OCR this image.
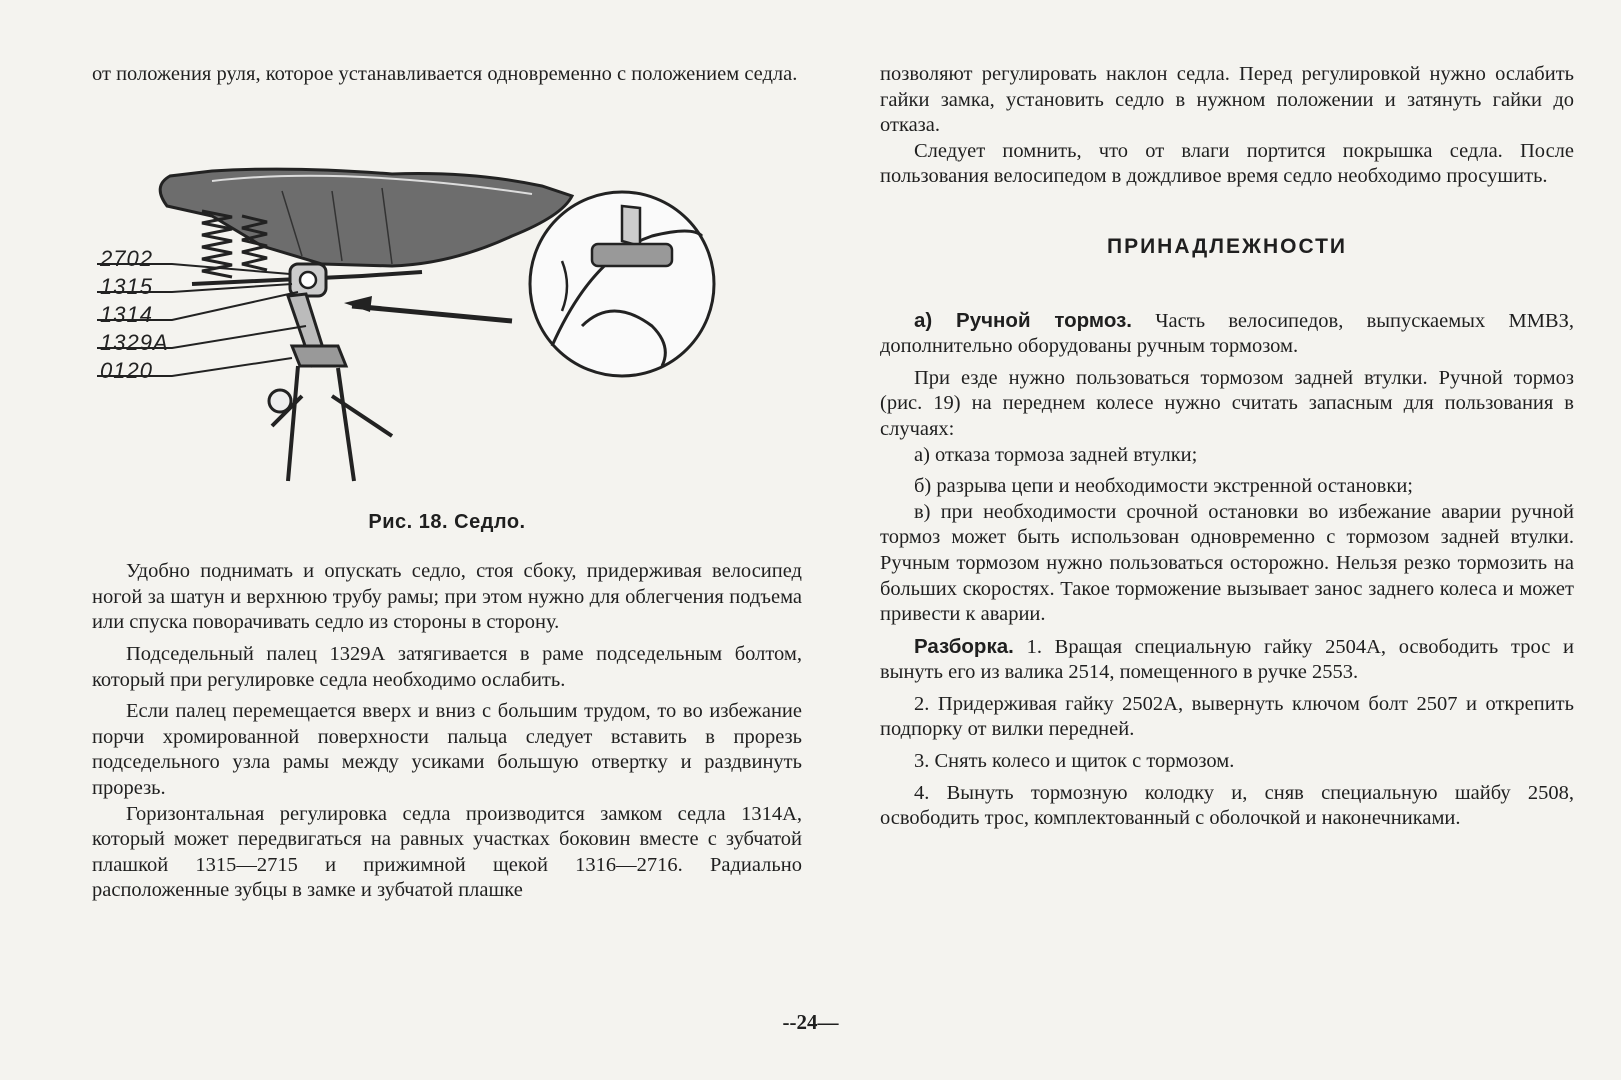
от положения руля, которое устанавливается одновременно с положением седла.

2702
1315
1314
1329А
0120
Рис. 18. Седло.

Удобно поднимать и опускать седло, стоя сбоку, придерживая велосипед ногой за шатун и верхнюю трубу рамы; при этом нужно для облегчения подъема или спуска поворачивать седло из стороны в сторону.

Подседельный палец 1329А затягивается в раме подседельным болтом, который при регулировке седла необходимо ослабить.

Если палец перемещается вверх и вниз с большим трудом, то во избежание порчи хромированной поверхности пальца следует вставить в прорезь подседельного узла рамы между усиками большую отвертку и раздвинуть прорезь.

Горизонтальная регулировка седла производится замком седла 1314А, который может передвигаться на равных участках боковин вместе с зубчатой плашкой 1315—2715 и прижимной щекой 1316—2716. Радиально расположенные зубцы в замке и зубчатой плашке

позволяют регулировать наклон седла. Перед регулировкой нужно ослабить гайки замка, установить седло в нужном положении и затянуть гайки до отказа.

Следует помнить, что от влаги портится покрышка седла. После пользования велосипедом в дождливое время седло необходимо просушить.

ПРИНАДЛЕЖНОСТИ

а) Ручной тормоз. Часть велосипедов, выпускаемых ММВЗ, дополнительно оборудованы ручным тормозом.

При езде нужно пользоваться тормозом задней втулки. Ручной тормоз (рис. 19) на переднем колесе нужно считать запасным для пользования в случаях:

а) отказа тормоза задней втулки;

б) разрыва цепи и необходимости экстренной остановки;

в) при необходимости срочной остановки во избежание аварии ручной тормоз может быть использован одновременно с тормозом задней втулки. Ручным тормозом нужно пользоваться осторожно. Нельзя резко тормозить на больших скоростях. Такое торможение вызывает занос заднего колеса и может привести к аварии.

Разборка. 1. Вращая специальную гайку 2504А, освободить трос и вынуть его из валика 2514, помещенного в ручке 2553.

2. Придерживая гайку 2502А, вывернуть ключом болт 2507 и открепить подпорку от вилки передней.

3. Снять колесо и щиток с тормозом.

4. Вынуть тормозную колодку и, сняв специальную шайбу 2508, освободить трос, комплектованный с оболочкой и наконечниками.

--24—
